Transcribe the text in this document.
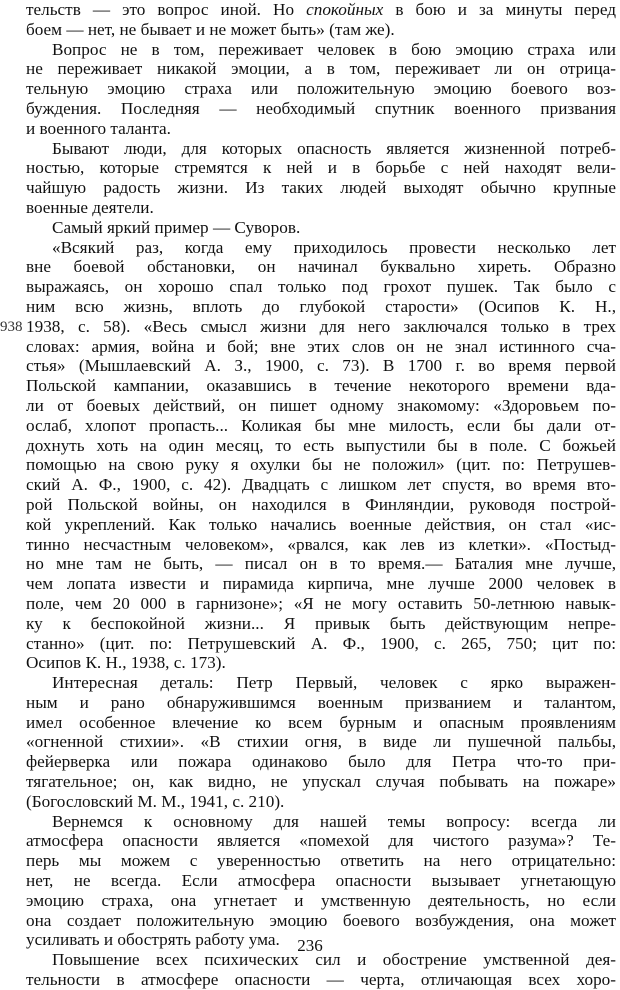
тельств — это вопрос иной. Но спокойных в бою и за минуты перед
боем — нет, не бывает и не может быть» (там же).
Вопрос не в том, переживает человек в бою эмоцию страха или
не переживает никакой эмоции, а в том, переживает ли он отрица-
тельную эмоцию страха или положительную эмоцию боевого воз-
буждения. Последняя — необходимый спутник военного призвания
и военного таланта.
Бывают люди, для которых опасность является жизненной потреб-
ностью, которые стремятся к ней и в борьбе с ней находят вели-
чайшую радость жизни. Из таких людей выходят обычно крупные
военные деятели.
Самый яркий пример — Суворов.
«Всякий раз, когда ему приходилось провести несколько лет
вне боевой обстановки, он начинал буквально хиреть. Образно
выражаясь, он хорошо спал только под грохот пушек. Так было с
ним всю жизнь, вплоть до глубокой старости» (Осипов К. Н.,
1938, с. 58). «Весь смысл жизни для него заключался только в трех
словах: армия, война и бой; вне этих слов он не знал истинного сча-
стья» (Мышлаевский А. З., 1900, с. 73). В 1700 г. во время первой
Польской кампании, оказавшись в течение некоторого времени вда-
ли от боевых действий, он пишет одному знакомому: «Здоровьем по-
ослаб, хлопот пропасть... Коликая бы мне милость, если бы дали от-
дохнуть хоть на один месяц, то есть выпустили бы в поле. С божьей
помощью на свою руку я охулки бы не положил» (цит. по: Петрушев-
ский А. Ф., 1900, с. 42). Двадцать с лишком лет спустя, во время вто-
рой Польской войны, он находился в Финляндии, руководя построй-
кой укреплений. Как только начались военные действия, он стал «ис-
тинно несчастным человеком», «рвался, как лев из клетки». «Постыд-
но мне там не быть, — писал он в то время.— Баталия мне лучше,
чем лопата извести и пирамида кирпича, мне лучше 2000 человек в
поле, чем 20 000 в гарнизоне»; «Я не могу оставить 50-летнюю навык-
ку к беспокойной жизни... Я привык быть действующим непре-
станно» (цит. по: Петрушевский А. Ф., 1900, с. 265, 750; цит по:
Осипов К. Н., 1938, с. 173).
Интересная деталь: Петр Первый, человек с ярко выражен-
ным и рано обнаружившимся военным призванием и талантом,
имел особенное влечение ко всем бурным и опасным проявлениям
«огненной стихии». «В стихии огня, в виде ли пушечной пальбы,
фейерверка или пожара одинаково было для Петра что-то при-
тягательное; он, как видно, не упускал случая побывать на пожаре»
(Богословский М. М., 1941, с. 210).
Вернемся к основному для нашей темы вопросу: всегда ли
атмосфера опасности является «помехой для чистого разума»? Те-
перь мы можем с уверенностью ответить на него отрицательно:
нет, не всегда. Если атмосфера опасности вызывает угнетающую
эмоцию страха, она угнетает и умственную деятельность, но если
она создает положительную эмоцию боевого возбуждения, она может
усиливать и обострять работу ума.
Повышение всех психических сил и обострение умственной дея-
тельности в атмосфере опасности — черта, отличающая всех хоро-
938
236
